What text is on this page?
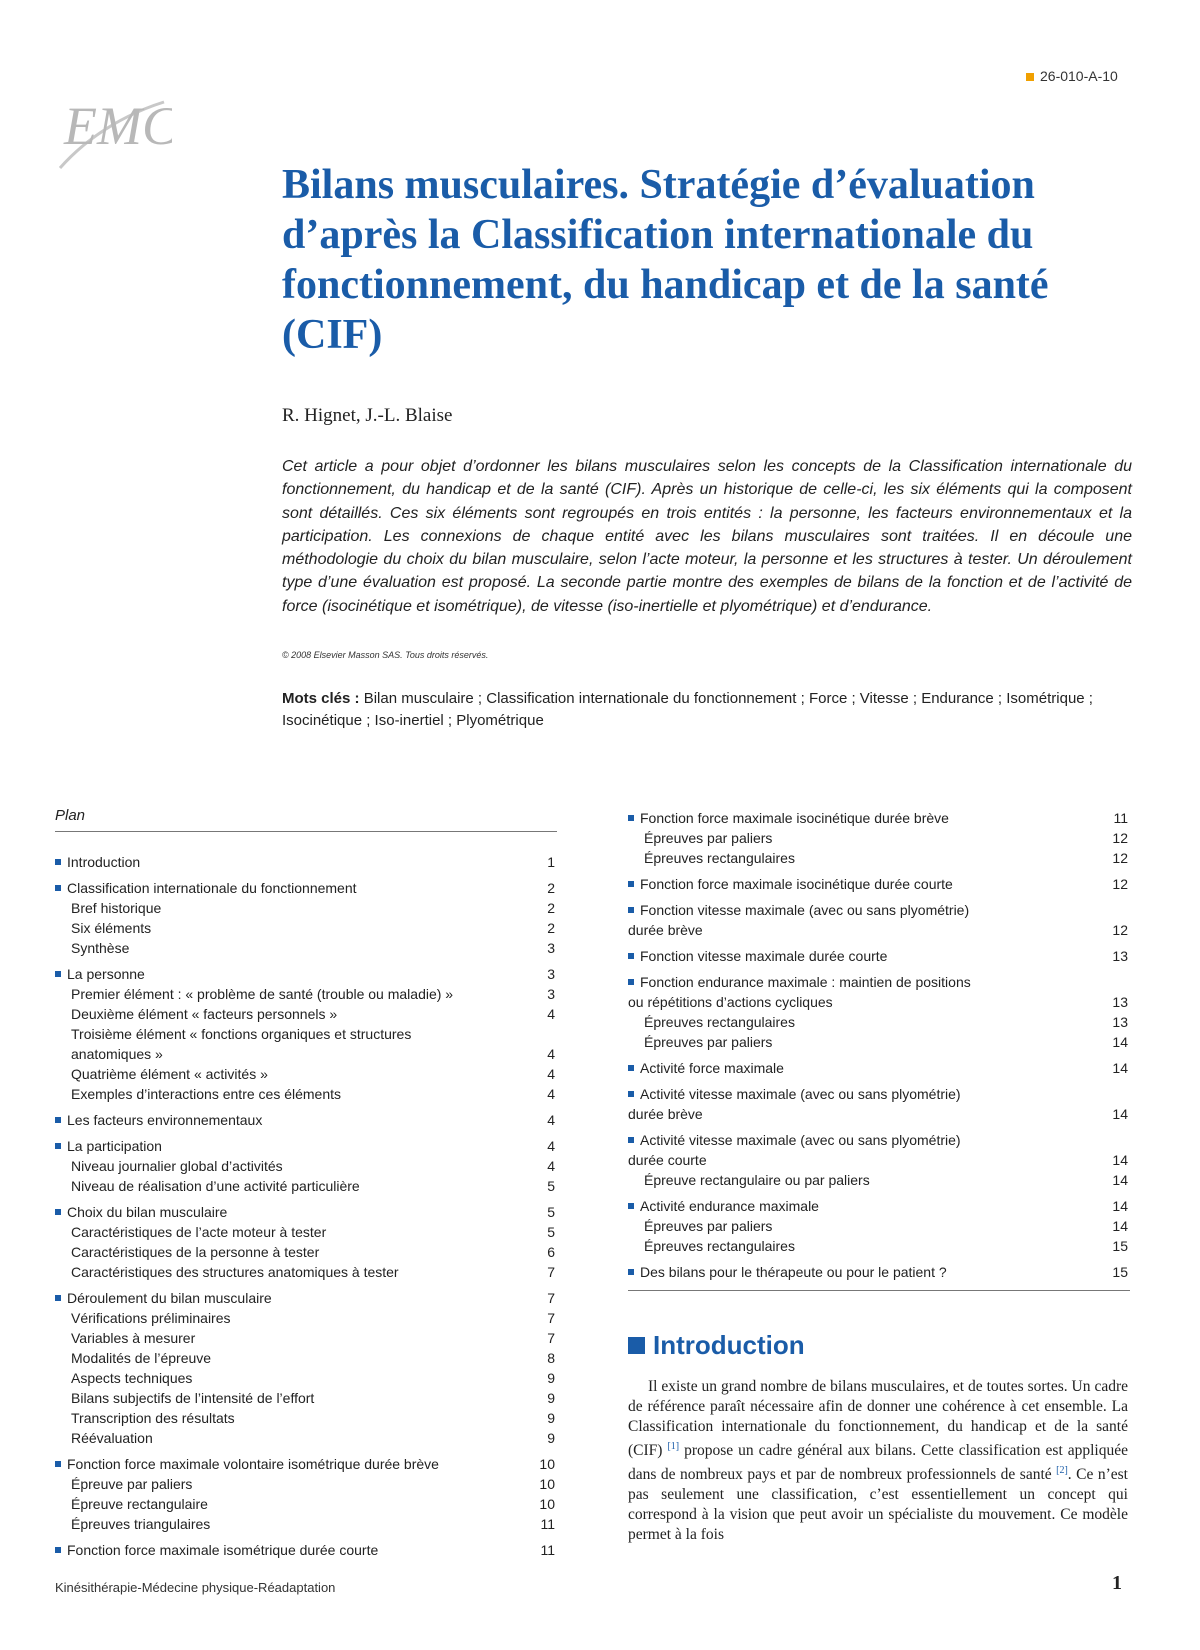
EMC
26-010-A-10
Bilans musculaires. Stratégie d’évaluation d’après la Classification internationale du fonctionnement, du handicap et de la santé (CIF)
R. Hignet, J.-L. Blaise

Cet article a pour objet d’ordonner les bilans musculaires selon les concepts de la Classification internationale du fonctionnement, du handicap et de la santé (CIF). Après un historique de celle-ci, les six éléments qui la composent sont détaillés. Ces six éléments sont regroupés en trois entités : la personne, les facteurs environnementaux et la participation. Les connexions de chaque entité avec les bilans musculaires sont traitées. Il en découle une méthodologie du choix du bilan musculaire, selon l’acte moteur, la personne et les structures à tester. Un déroulement type d’une évaluation est proposé. La seconde partie montre des exemples de bilans de la fonction et de l’activité de force (isocinétique et isométrique), de vitesse (iso-inertielle et plyométrique) et d’endurance.

© 2008 Elsevier Masson SAS. Tous droits réservés.
Mots clés : Bilan musculaire ; Classification internationale du fonctionnement ; Force ; Vitesse ; Endurance ; Isométrique ; Isocinétique ; Iso-inertiel ; Plyométrique
Plan
Introduction	1
Classification internationale du fonctionnement	2
Bref historique	2
Six éléments	2
Synthèse	3
La personne	3
Premier élément : « problème de santé (trouble ou maladie) »	3
Deuxième élément « facteurs personnels »	4
Troisième élément « fonctions organiques et structures
anatomiques »	4
Quatrième élément « activités »	4
Exemples d’interactions entre ces éléments	4
Les facteurs environnementaux	4
La participation	4
Niveau journalier global d’activités	4
Niveau de réalisation d’une activité particulière	5
Choix du bilan musculaire	5
Caractéristiques de l’acte moteur à tester	5
Caractéristiques de la personne à tester	6
Caractéristiques des structures anatomiques à tester	7
Déroulement du bilan musculaire	7
Vérifications préliminaires	7
Variables à mesurer	7
Modalités de l’épreuve	8
Aspects techniques	9
Bilans subjectifs de l’intensité de l’effort	9
Transcription des résultats	9
Réévaluation	9
Fonction force maximale volontaire isométrique durée brève	10
Épreuve par paliers	10
Épreuve rectangulaire	10
Épreuves triangulaires	11
Fonction force maximale isométrique durée courte	11
Fonction force maximale isocinétique durée brève	11
Épreuves par paliers	12
Épreuves rectangulaires	12
Fonction force maximale isocinétique durée courte	12
Fonction vitesse maximale (avec ou sans plyométrie)
durée brève	12
Fonction vitesse maximale durée courte	13
Fonction endurance maximale : maintien de positions
ou répétitions d’actions cycliques	13
Épreuves rectangulaires	13
Épreuves par paliers	14
Activité force maximale	14
Activité vitesse maximale (avec ou sans plyométrie)
durée brève	14
Activité vitesse maximale (avec ou sans plyométrie)
durée courte	14
Épreuve rectangulaire ou par paliers	14
Activité endurance maximale	14
Épreuves par paliers	14
Épreuves rectangulaires	15
Des bilans pour le thérapeute ou pour le patient ?	15
Introduction

Il existe un grand nombre de bilans musculaires, et de toutes sortes. Un cadre de référence paraît nécessaire afin de donner une cohérence à cet ensemble. La Classification internationale du fonctionnement, du handicap et de la santé (CIF) [1] propose un cadre général aux bilans. Cette classification est appliquée dans de nombreux pays et par de nombreux professionnels de santé [2]. Ce n’est pas seulement une classification, c’est essentiellement un concept qui correspond à la vision que peut avoir un spécialiste du mouvement. Ce modèle permet à la fois

Kinésithérapie-Médecine physique-Réadaptation	1
